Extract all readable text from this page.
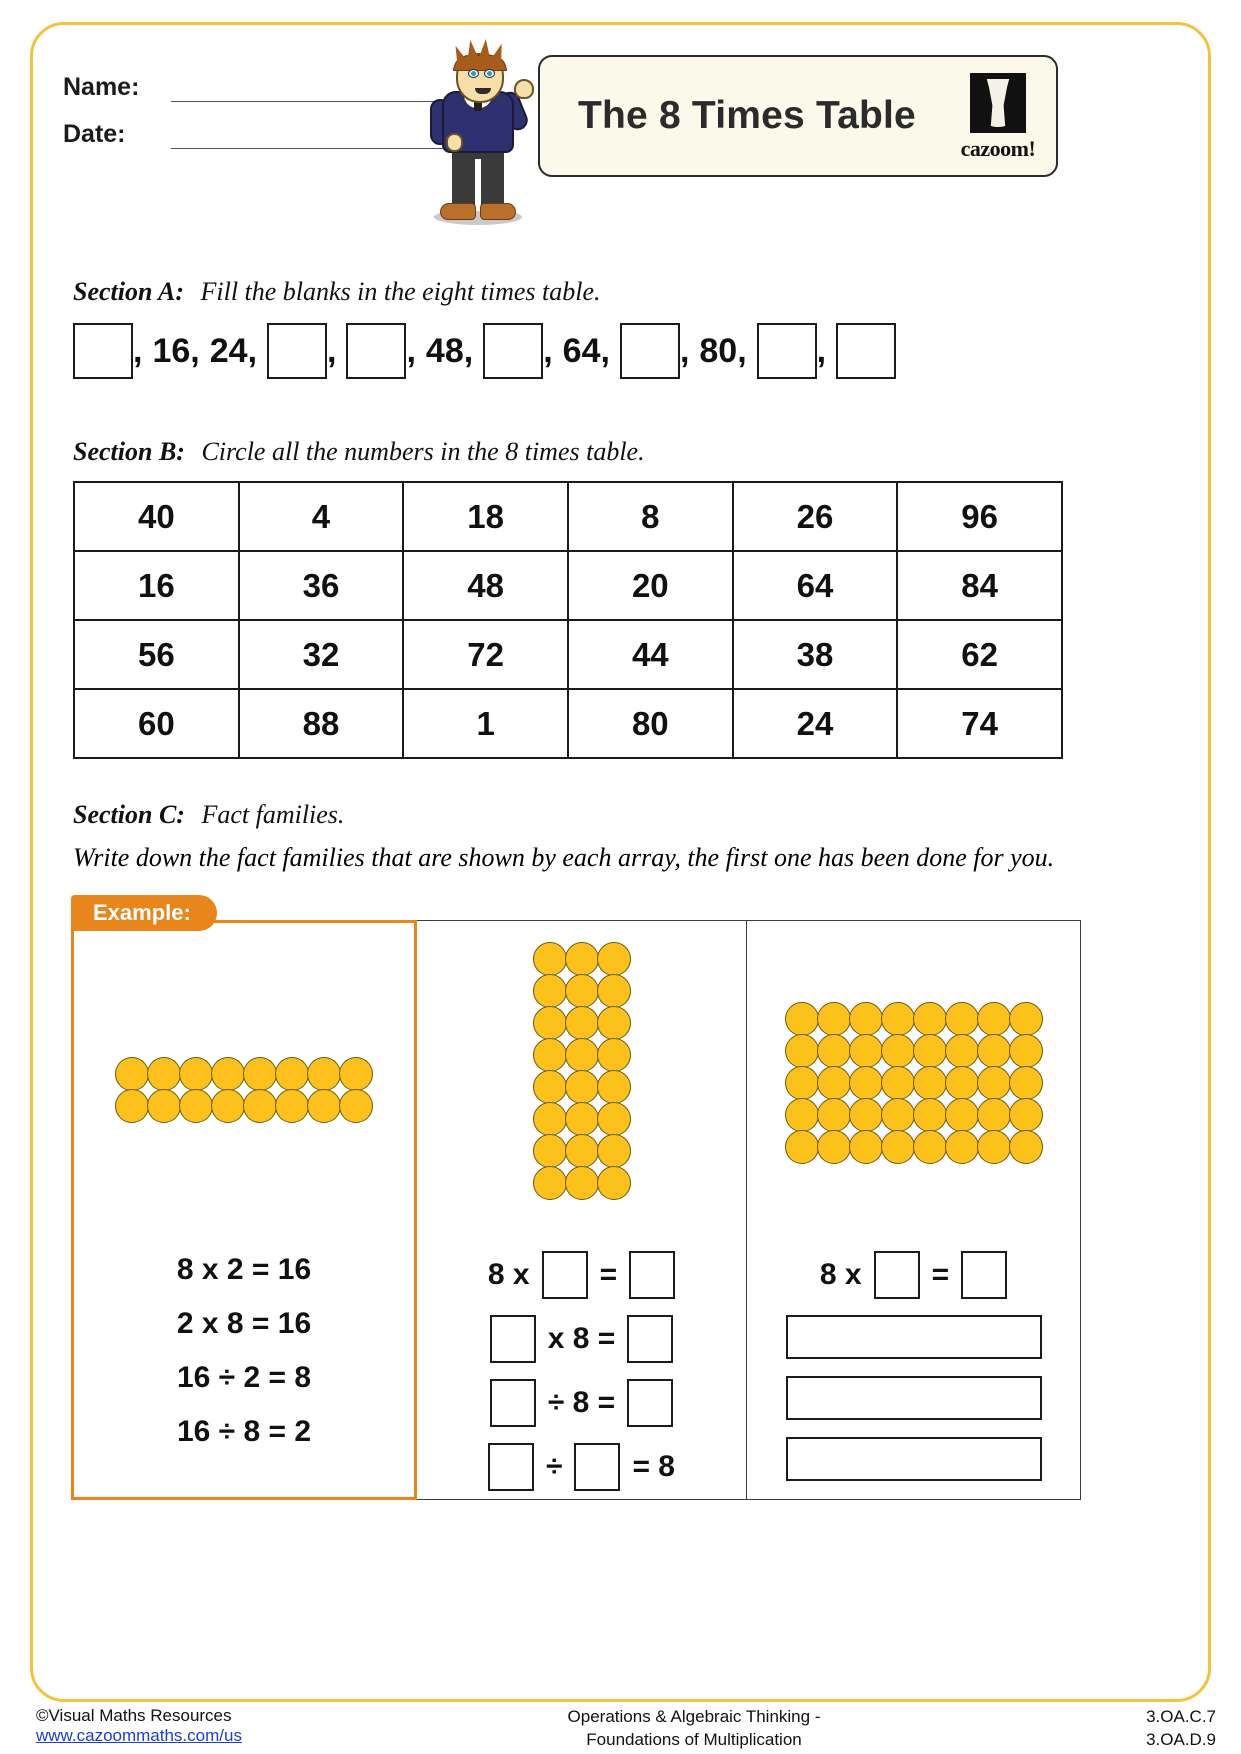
Name:
Date:	The 8 Times Table
cazoom!
Section A: Fill the blanks in the eight times table.
, 16 , 24 , , , 48 , , 64 , , 80 , ,
Section B: Circle all the numbers in the 8 times table.
40	4	18	8	26	96
16	36	48	20	64	84
56	32	72	44	38	62
60	88	1	80	24	74
Section C: Fact families.
Write down the fact families that are shown by each array, the first one has been done for you.
Example:
8 x 2 = 16
2 x 8 = 16
16 ÷ 2 = 8
16 ÷ 8 = 2
8 x =
x 8 =
÷ 8 =
÷ = 8
8 x =
©Visual Maths Resources
www.cazoommaths.com/us
Operations & Algebraic Thinking -
Foundations of Multiplication
3.OA.C.7
3.OA.D.9
